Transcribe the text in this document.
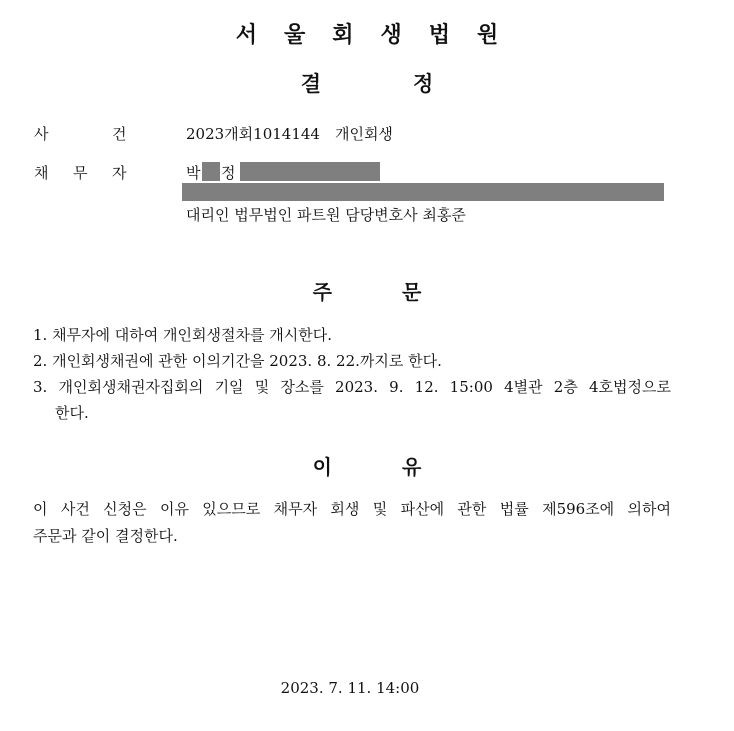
서울회생법원
결	정
사	건	2023개회1014144　개인회생
채 무 자	박 정
대리인 법무법인 파트원 담당변호사 최홍준
주	문
1. 채무자에 대하여 개인회생절차를 개시한다.
2. 개인회생채권에 관한 이의기간을 2023. 8. 22.까지로 한다.
3. 개인회생채권자집회의 기일 및 장소를 2023. 9. 12. 15:00 4별관 2층 4호법정으로
한다.
이	유
이 사건 신청은 이유 있으므로 채무자 회생 및 파산에 관한 법률 제596조에 의하여
주문과 같이 결정한다.
2023. 7. 11. 14:00
